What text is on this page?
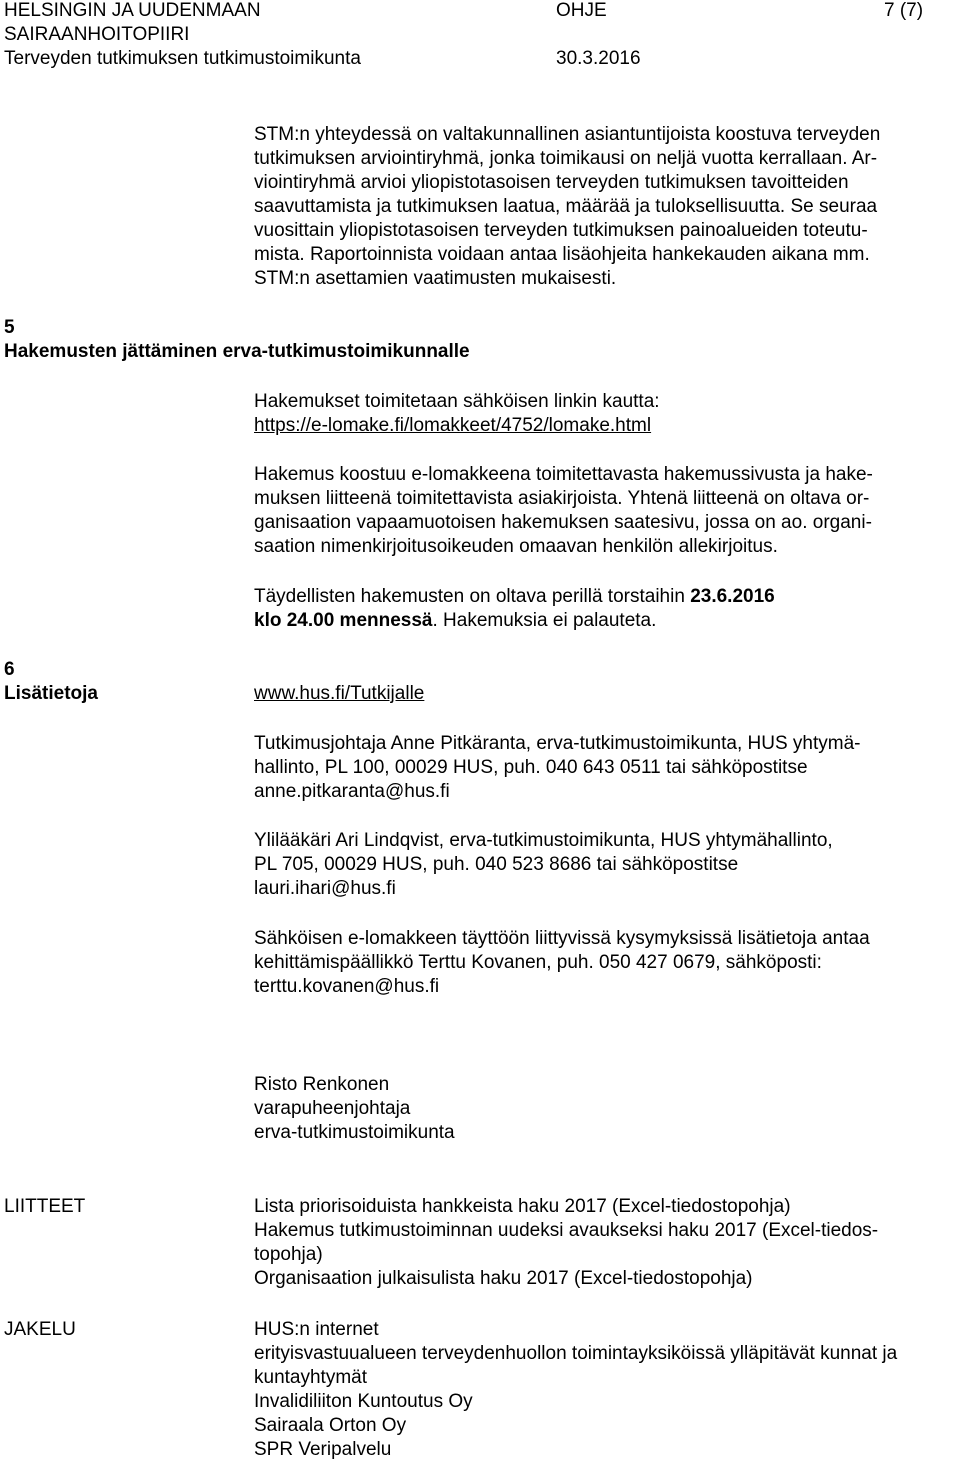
HELSINGIN JA UUDENMAAN
SAIRAANHOITOPIIRI
Terveyden tutkimuksen tutkimustoimikunta
OHJE
30.3.2016
7 (7)
STM:n yhteydessä on valtakunnallinen asiantuntijoista koostuva terveyden
tutkimuksen arviointiryhmä, jonka toimikausi on neljä vuotta kerrallaan. Ar-
viointiryhmä arvioi yliopistotasoisen terveyden tutkimuksen tavoitteiden
saavuttamista ja tutkimuksen laatua, määrää ja tuloksellisuutta. Se seuraa
vuosittain yliopistotasoisen terveyden tutkimuksen painoalueiden toteutu-
mista. Raportoinnista voidaan antaa lisäohjeita hankekauden aikana mm.
STM:n asettamien vaatimusten mukaisesti.
5
Hakemusten jättäminen erva-tutkimustoimikunnalle
Hakemukset toimitetaan sähköisen linkin kautta:
https://e-lomake.fi/lomakkeet/4752/lomake.html
Hakemus koostuu e-lomakkeena toimitettavasta hakemussivusta ja hake-
muksen liitteenä toimitettavista asiakirjoista. Yhtenä liitteenä on oltava or-
ganisaation vapaamuotoisen hakemuksen saatesivu, jossa on ao. organi-
saation nimenkirjoitusoikeuden omaavan henkilön allekirjoitus.
Täydellisten hakemusten on oltava perillä torstaihin 23.6.2016
klo 24.00 mennessä. Hakemuksia ei palauteta.
6
Lisätietoja	www.hus.fi/Tutkijalle
Tutkimusjohtaja Anne Pitkäranta, erva-tutkimustoimikunta, HUS yhtymä-
hallinto, PL 100, 00029 HUS, puh. 040 643 0511 tai sähköpostitse
anne.pitkaranta@hus.fi
Ylilääkäri Ari Lindqvist, erva-tutkimustoimikunta, HUS yhtymähallinto,
PL 705, 00029 HUS, puh. 040 523 8686 tai sähköpostitse
lauri.ihari@hus.fi
Sähköisen e-lomakkeen täyttöön liittyvissä kysymyksissä lisätietoja antaa
kehittämispäällikkö Terttu Kovanen, puh. 050 427 0679, sähköposti:
terttu.kovanen@hus.fi
Risto Renkonen
varapuheenjohtaja
erva-tutkimustoimikunta
LIITTEET	Lista priorisoiduista hankkeista haku 2017 (Excel-tiedostopohja)
Hakemus tutkimustoiminnan uudeksi avaukseksi haku 2017 (Excel-tiedos-
topohja)
Organisaation julkaisulista haku 2017 (Excel-tiedostopohja)
JAKELU	HUS:n internet
erityisvastuualueen terveydenhuollon toimintayksiköissä ylläpitävät kunnat ja
kuntayhtymät
Invalidiliiton Kuntoutus Oy
Sairaala Orton Oy
SPR Veripalvelu
